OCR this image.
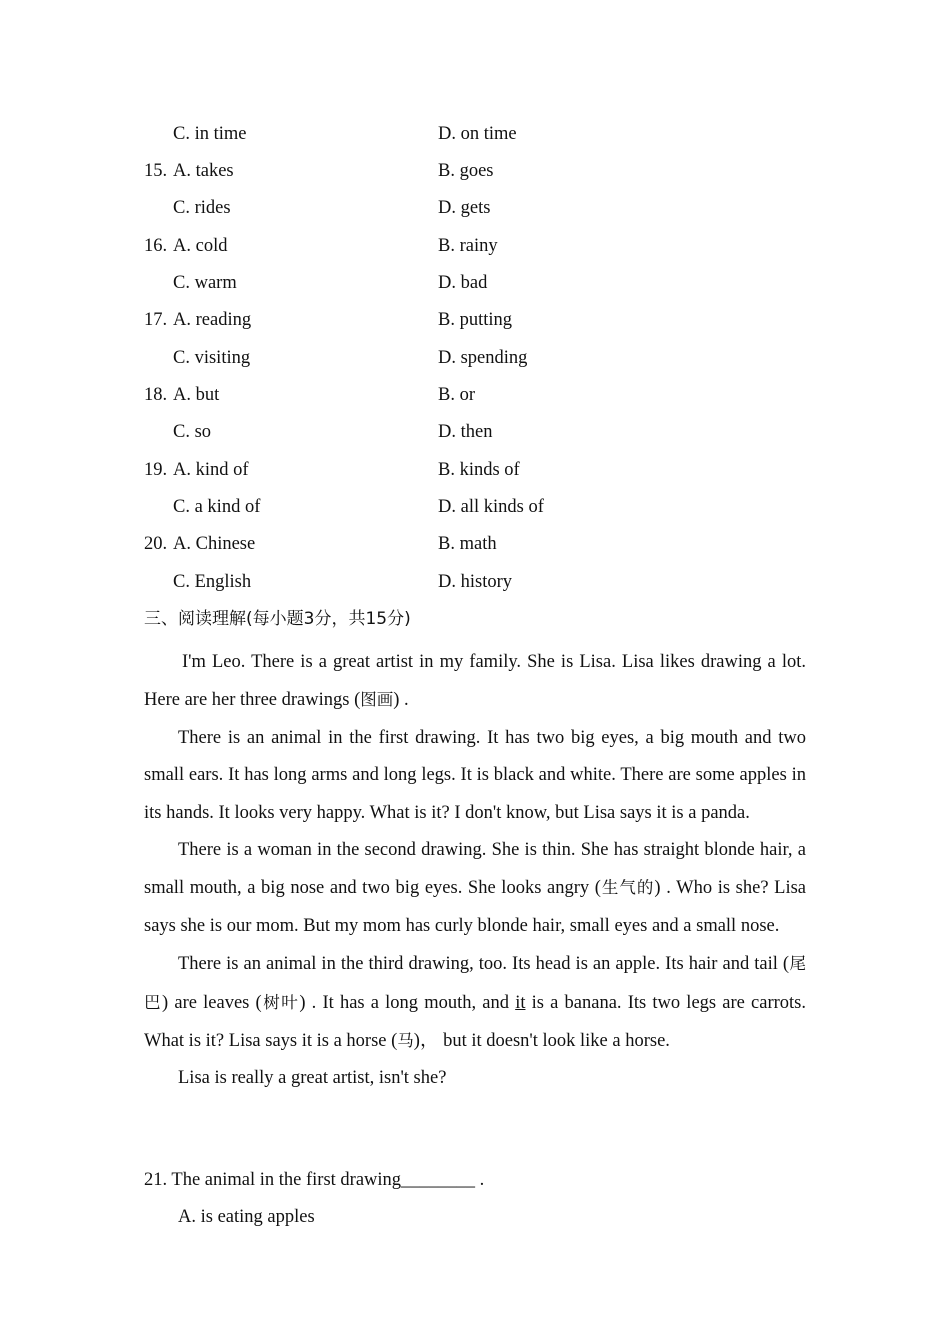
C. in time	D. on time
15. A. takes	B. goes
C. rides	D. gets
16. A. cold	B. rainy
C. warm	D. bad
17. A. reading	B. putting
C. visiting	D. spending
18. A. but	B. or
C. so	D. then
19. A. kind of	B. kinds of
C. a kind of	D. all kinds of
20. A. Chinese	B. math
C. English	D. history
三、阅读理解(每小题3分，共15分)

I'm Leo. There is a great artist in my family. She is Lisa. Lisa likes drawing a lot. Here are her three drawings (图画) .

There is an animal in the first drawing. It has two big eyes, a big mouth and two small ears. It has long arms and long legs. It is black and white. There are some apples in its hands. It looks very happy. What is it? I don't know, but Lisa says it is a panda.

There is a woman in the second drawing. She is thin. She has straight blonde hair, a small mouth, a big nose and two big eyes. She looks angry (生气的) . Who is she? Lisa says she is our mom. But my mom has curly blonde hair, small eyes and a small nose.

There is an animal in the third drawing, too. Its head is an apple. Its hair and tail (尾巴) are leaves (树叶) . It has a long mouth, and it is a banana. Its two legs are carrots. What is it? Lisa says it is a horse (马)， but it doesn't look like a horse.

Lisa is really a great artist, isn't she?

21. The animal in the first drawing________ .
A. is eating apples
